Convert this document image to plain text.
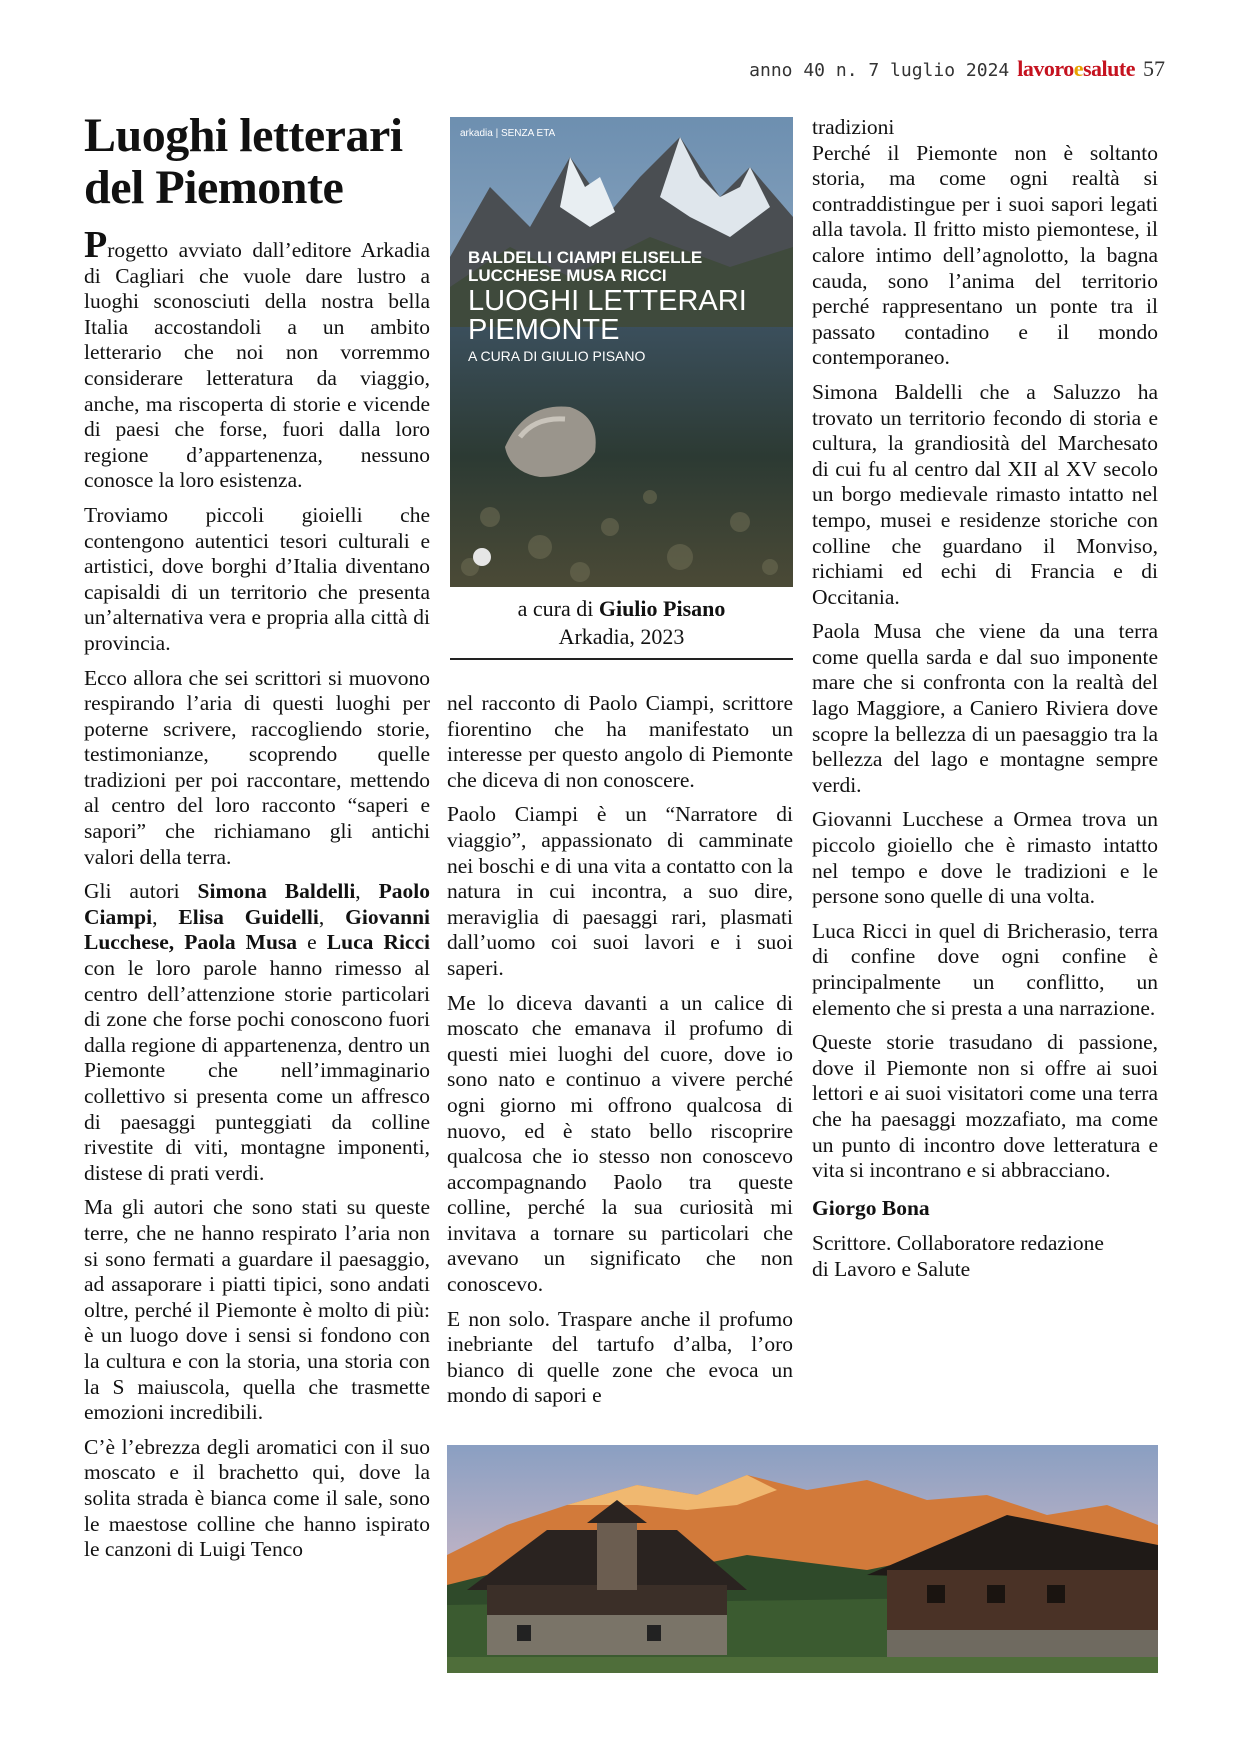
anno 40 n. 7 luglio 2024 lavoroesalute 57
Luoghi letterari
del Piemonte

Progetto avviato dall’editore Arkadia di Cagliari che vuole dare lustro a luoghi sconosciuti della nostra bella Italia accostandoli a un ambito letterario che noi non vorremmo considerare letteratura da viaggio, anche, ma riscoperta di storie e vicende di paesi che forse, fuori dalla loro regione d’appartenenza, nessuno conosce la loro esistenza.

Troviamo piccoli gioielli che contengono autentici tesori culturali e artistici, dove borghi d’Italia diventano capisaldi di un territorio che presenta un’alternativa vera e propria alla città di provincia.

Ecco allora che sei scrittori si muovono respirando l’aria di questi luoghi per poterne scrivere, raccogliendo storie, testimonianze, scoprendo quelle tradizioni per poi raccontare, mettendo al centro del loro racconto “saperi e sapori” che richiamano gli antichi valori della terra.

Gli autori Simona Baldelli, Paolo Ciampi, Elisa Guidelli, Giovanni Lucchese, Paola Musa e Luca Ricci con le loro parole hanno rimesso al centro dell’attenzione storie particolari di zone che forse pochi conoscono fuori dalla regione di appartenenza, dentro un Piemonte che nell’immaginario collettivo si presenta come un affresco di paesaggi punteggiati da colline rivestite di viti, montagne imponenti, distese di prati verdi.

Ma gli autori che sono stati su queste terre, che ne hanno respirato l’aria non si sono fermati a guardare il paesaggio, ad assaporare i piatti tipici, sono andati oltre, perché il Piemonte è molto di più: è un luogo dove i sensi si fondono con la cultura e con la storia, una storia con la S maiuscola, quella che trasmette emozioni incredibili.

C’è l’ebrezza degli aromatici con il suo moscato e il brachetto qui, dove la solita strada è bianca come il sale, sono le maestose colline che hanno ispirato le canzoni di Luigi Tenco

arkadia | SENZA ETA
BALDELLI CIAMPI ELISELLE
LUCCHESE MUSA RICCI
LUOGHI LETTERARI
PIEMONTE
A CURA DI GIULIO PISANO
a cura di Giulio Pisano
Arkadia, 2023

nel racconto di Paolo Ciampi, scrittore fiorentino che ha manifestato un interesse per questo angolo di Piemonte che diceva di non conoscere.

Paolo Ciampi è un “Narratore di viaggio”, appassionato di camminate nei boschi e di una vita a contatto con la natura in cui incontra, a suo dire, meraviglia di paesaggi rari, plasmati dall’uomo coi suoi lavori e i suoi saperi.

Me lo diceva davanti a un calice di moscato che emanava il profumo di questi miei luoghi del cuore, dove io sono nato e continuo a vivere perché ogni giorno mi offrono qualcosa di nuovo, ed è stato bello riscoprire qualcosa che io stesso non conoscevo accompagnando Paolo tra queste colline, perché la sua curiosità mi invitava a tornare su particolari che avevano un significato che non conoscevo.

E non solo. Traspare anche il profumo inebriante del tartufo d’alba, l’oro bianco di quelle zone che evoca un mondo di sapori e

tradizioni

Perché il Piemonte non è soltanto storia, ma come ogni realtà si contraddistingue per i suoi sapori legati alla tavola. Il fritto misto piemontese, il calore intimo dell’agnolotto, la bagna cauda, sono l’anima del territorio perché rappresentano un ponte tra il passato contadino e il mondo contemporaneo.

Simona Baldelli che a Saluzzo ha trovato un territorio fecondo di storia e cultura, la grandiosità del Marchesato di cui fu al centro dal XII al XV secolo un borgo medievale rimasto intatto nel tempo, musei e residenze storiche con colline che guardano il Monviso, richiami ed echi di Francia e di Occitania.

Paola Musa che viene da una terra come quella sarda e dal suo imponente mare che si confronta con la realtà del lago Maggiore, a Caniero Riviera dove scopre la bellezza di un paesaggio tra la bellezza del lago e montagne sempre verdi.

Giovanni Lucchese a Ormea trova un piccolo gioiello che è rimasto intatto nel tempo e dove le tradizioni e le persone sono quelle di una volta.

Luca Ricci in quel di Bricherasio, terra di confine dove ogni confine è principalmente un conflitto, un elemento che si presta a una narrazione.

Queste storie trasudano di passione, dove il Piemonte non si offre ai suoi lettori e ai suoi visitatori come una terra che ha paesaggi mozzafiato, ma come un punto di incontro dove letteratura e vita si incontrano e si abbracciano.

Giorgo Bona

Scrittore. Collaboratore redazione
di Lavoro e Salute
